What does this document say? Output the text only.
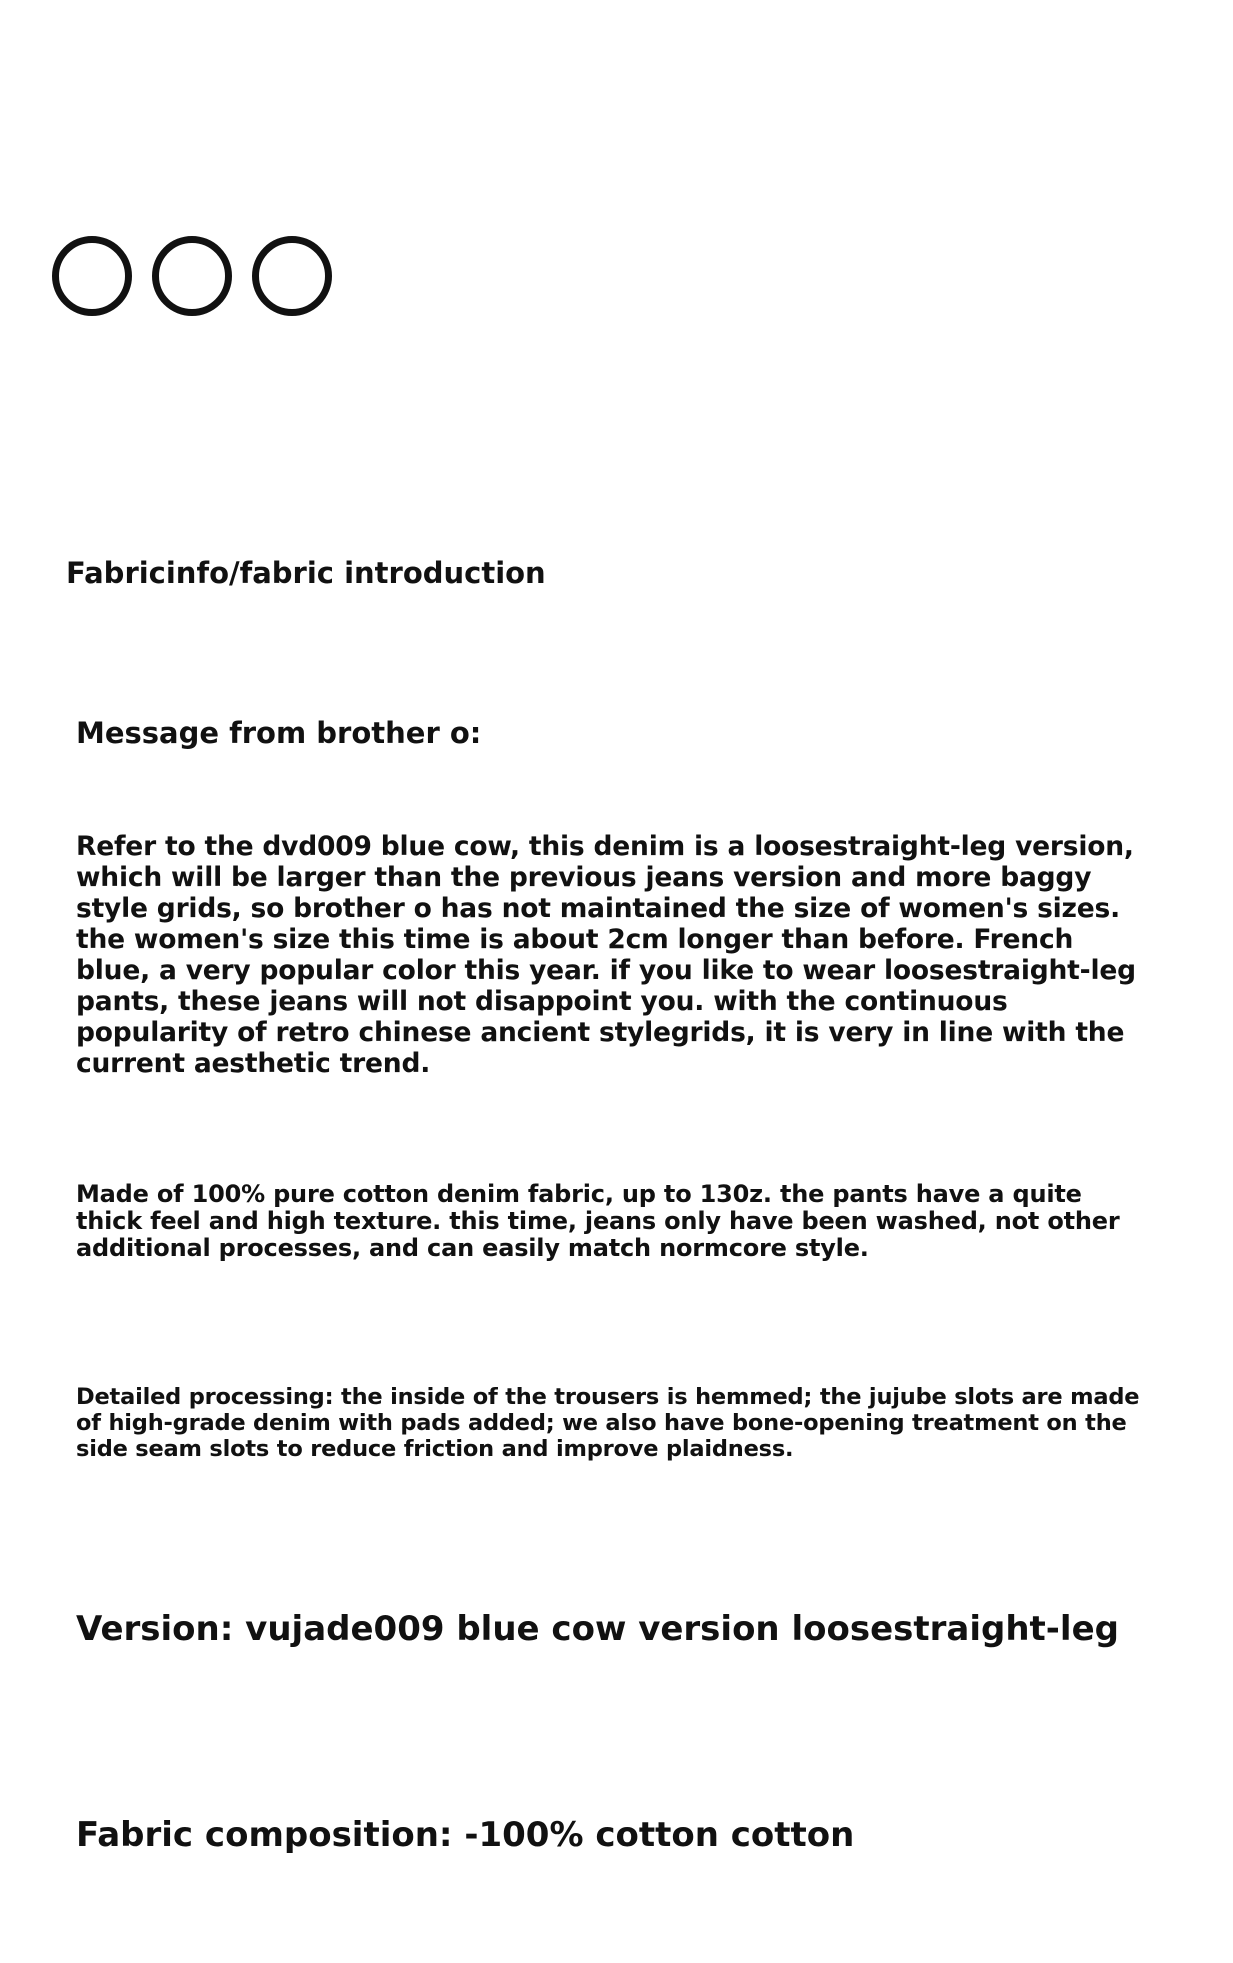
Fabricinfo/fabric introduction
Message from brother o:

Refer to the dvd009 blue cow, this denim is a loosestraight-leg version, which will be larger than the previous jeans version and more baggy style grids, so brother o has not maintained the size of women's sizes. the women's size this time is about 2cm longer than before. French blue, a very popular color this year. if you like to wear loosestraight-leg pants, these jeans will not disappoint you. with the continuous popularity of retro chinese ancient stylegrids, it is very in line with the current aesthetic trend.

Made of 100% pure cotton denim fabric, up to 130z. the pants have a quite thick feel and high texture. this time, jeans only have been washed, not other additional processes, and can easily match normcore style.

Detailed processing: the inside of the trousers is hemmed; the jujube slots are made of high-grade denim with pads added; we also have bone-opening treatment on the side seam slots to reduce friction and improve plaidness.

Version: vujade009 blue cow version loosestraight-leg

Fabric composition: -100% cotton cotton
